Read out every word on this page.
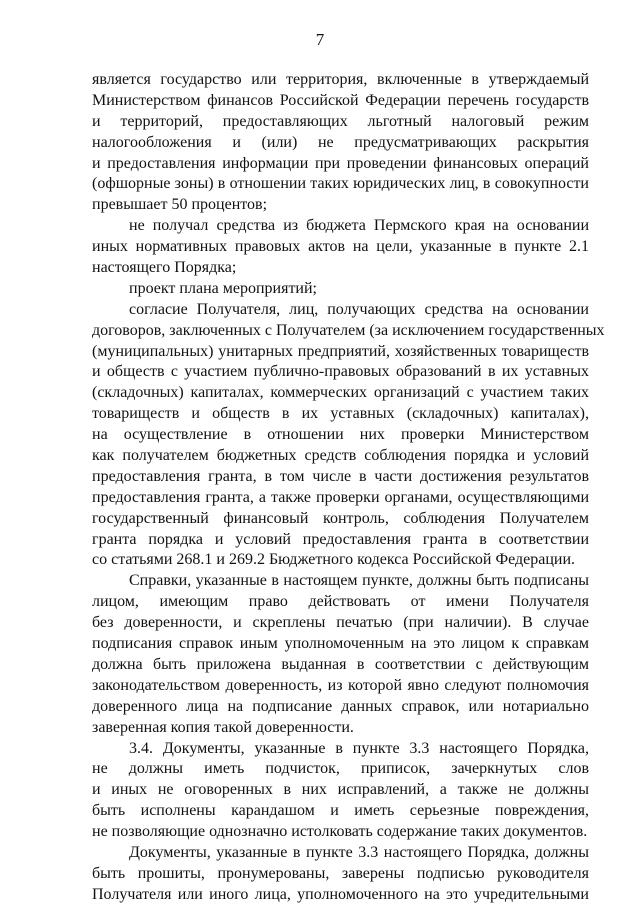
7
является государство или территория, включенные в утверждаемый
Министерством финансов Российской Федерации перечень государств
и территорий, предоставляющих льготный налоговый режим
налогообложения и (или) не предусматривающих раскрытия
и предоставления информации при проведении финансовых операций
(офшорные зоны) в отношении таких юридических лиц, в совокупности
превышает 50 процентов;
не получал средства из бюджета Пермского края на основании
иных нормативных правовых актов на цели, указанные в пункте 2.1
настоящего Порядка;
проект плана мероприятий;
согласие Получателя, лиц, получающих средства на основании
договоров, заключенных с Получателем (за исключением государственных
(муниципальных) унитарных предприятий, хозяйственных товариществ
и обществ с участием публично-правовых образований в их уставных
(складочных) капиталах, коммерческих организаций с участием таких
товариществ и обществ в их уставных (складочных) капиталах),
на осуществление в отношении них проверки Министерством
как получателем бюджетных средств соблюдения порядка и условий
предоставления гранта, в том числе в части достижения результатов
предоставления гранта, а также проверки органами, осуществляющими
государственный финансовый контроль, соблюдения Получателем
гранта порядка и условий предоставления гранта в соответствии
со статьями 268.1 и 269.2 Бюджетного кодекса Российской Федерации.
Справки, указанные в настоящем пункте, должны быть подписаны
лицом, имеющим право действовать от имени Получателя
без доверенности, и скреплены печатью (при наличии). В случае
подписания справок иным уполномоченным на это лицом к справкам
должна быть приложена выданная в соответствии с действующим
законодательством доверенность, из которой явно следуют полномочия
доверенного лица на подписание данных справок, или нотариально
заверенная копия такой доверенности.
3.4. Документы, указанные в пункте 3.3 настоящего Порядка,
не должны иметь подчисток, приписок, зачеркнутых слов
и иных не оговоренных в них исправлений, а также не должны
быть исполнены карандашом и иметь серьезные повреждения,
не позволяющие однозначно истолковать содержание таких документов.
Документы, указанные в пункте 3.3 настоящего Порядка, должны
быть прошиты, пронумерованы, заверены подписью руководителя
Получателя или иного лица, уполномоченного на это учредительными
